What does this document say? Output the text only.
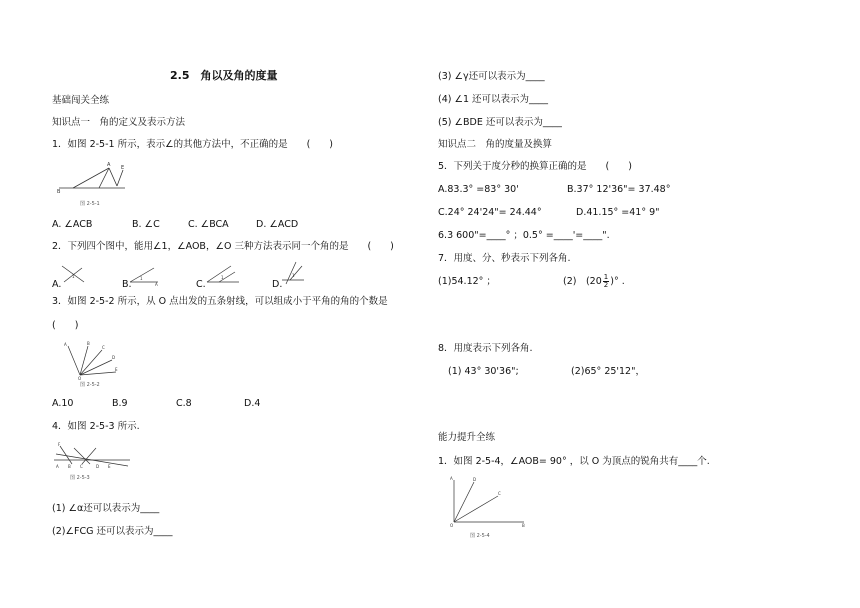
2.5　角以及角的度量
基础闯关全练
知识点一　角的定义及表示方法
1．如图 2-5-1 所示，表示∠的其他方法中，不正确的是　　(　　)
B
A E
图 2-5-1
A. ∠ACB	B. ∠C	C. ∠BCA	D. ∠ACD
2．下列四个图中，能用∠1，∠AOB，∠O 三种方法表示同一个角的是　　(　　)
A.
1
B.
1
A	C.
1
D.
1
3．如图 2-5-2 所示，从 O 点出发的五条射线，可以组成小于平角的角的个数是
(　　)
A	B
C
D
E
O
图 2-5-2
A.10	B.9	C.8	D.4
4．如图 2-5-3 所示.
F
A B C	D E
图 2-5-3
(1) ∠α还可以表示为____
(2)∠FCG 还可以表示为____
(3) ∠γ还可以表示为____
(4) ∠1 还可以表示为____
(5) ∠BDE 还可以表示为____
知识点二　角的度量及换算
5．下列关于度分秒的换算正确的是　　(　　)
A.83.3° =83° 30'	B.37° 12'36"= 37.48°
C.24° 24'24"= 24.44°	D.41.15° =41° 9"
6.3 600"=____° ；0.5° =____'=____".
7．用度、分、秒表示下列各角.
(1)54.12° ；	(2)　($20 \frac{1}{2}$ )° .
8．用度表示下列各角.
(1) 43° 30'36";	(2)65° 25'12"，
能力提升全练
1．如图 2-5-4，∠AOB= 90° ，以 O 为顶点的锐角共有____个.
A	D
C
B
O
图 2-5-4
